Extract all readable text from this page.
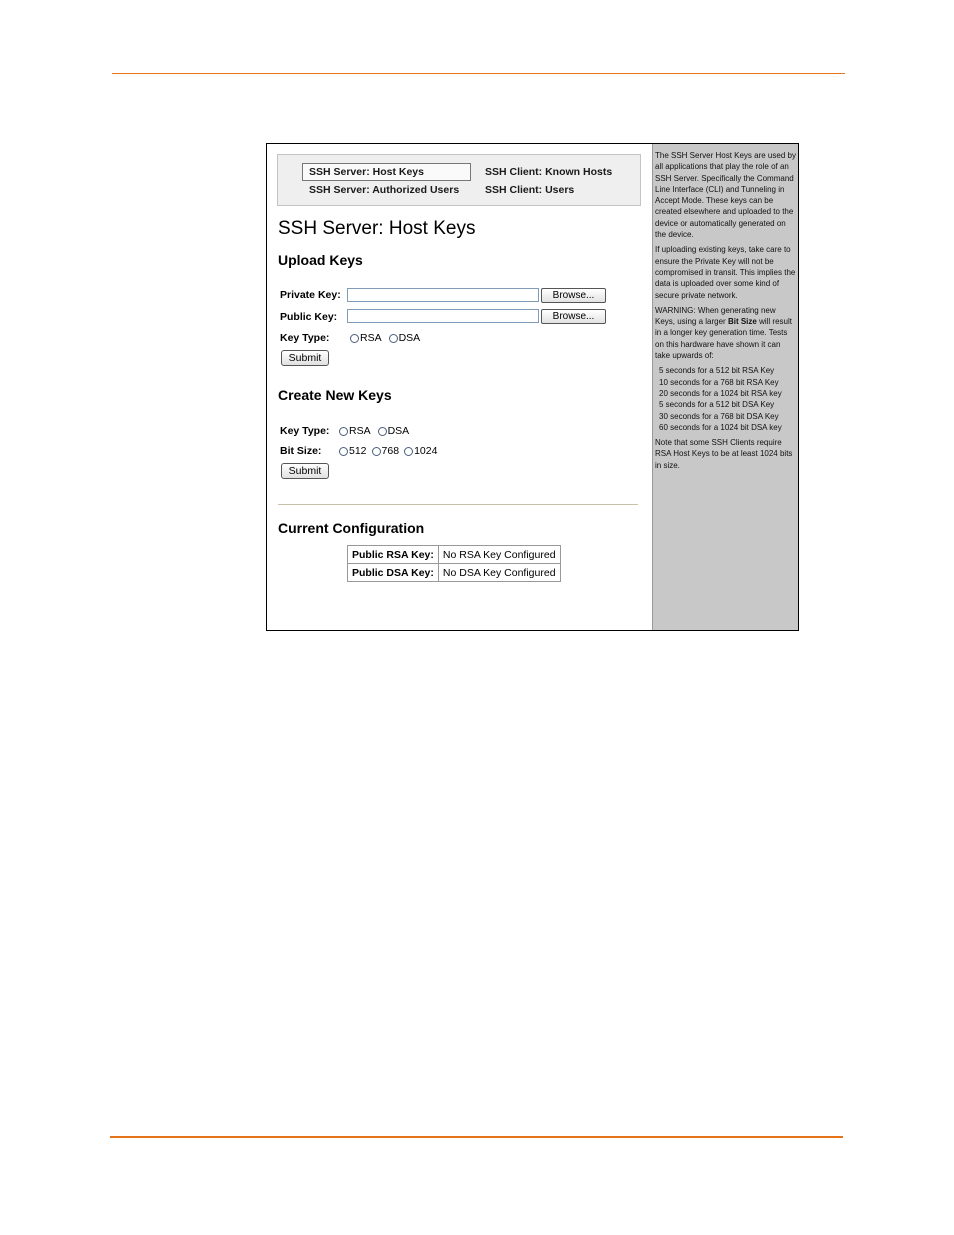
SSH Server: Host Keys	SSH Client: Known Hosts
SSH Server: Authorized Users	SSH Client: Users
SSH Server: Host Keys
Upload Keys
Private Key:	Browse...
Public Key:	Browse...
Key Type:	RSA DSA
Submit
Create New Keys
Key Type: RSA DSA
Bit Size:	512 768 1024
Submit
Current Configuration
Public RSA Key:	No RSA Key Configured
Public DSA Key:	No DSA Key Configured

The SSH Server Host Keys are used by all applications that play the role of an SSH Server. Specifically the Command Line Interface (CLI) and Tunneling in Accept Mode. These keys can be created elsewhere and uploaded to the device or automatically generated on the device.

If uploading existing keys, take care to ensure the Private Key will not be compromised in transit. This implies the data is uploaded over some kind of secure private network.

WARNING: When generating new Keys, using a larger Bit Size will result in a longer key generation time. Tests on this hardware have shown it can take upwards of:

5 seconds for a 512 bit RSA Key
10 seconds for a 768 bit RSA Key
20 seconds for a 1024 bit RSA key
5 seconds for a 512 bit DSA Key
30 seconds for a 768 bit DSA Key
60 seconds for a 1024 bit DSA key

Note that some SSH Clients require RSA Host Keys to be at least 1024 bits in size.
